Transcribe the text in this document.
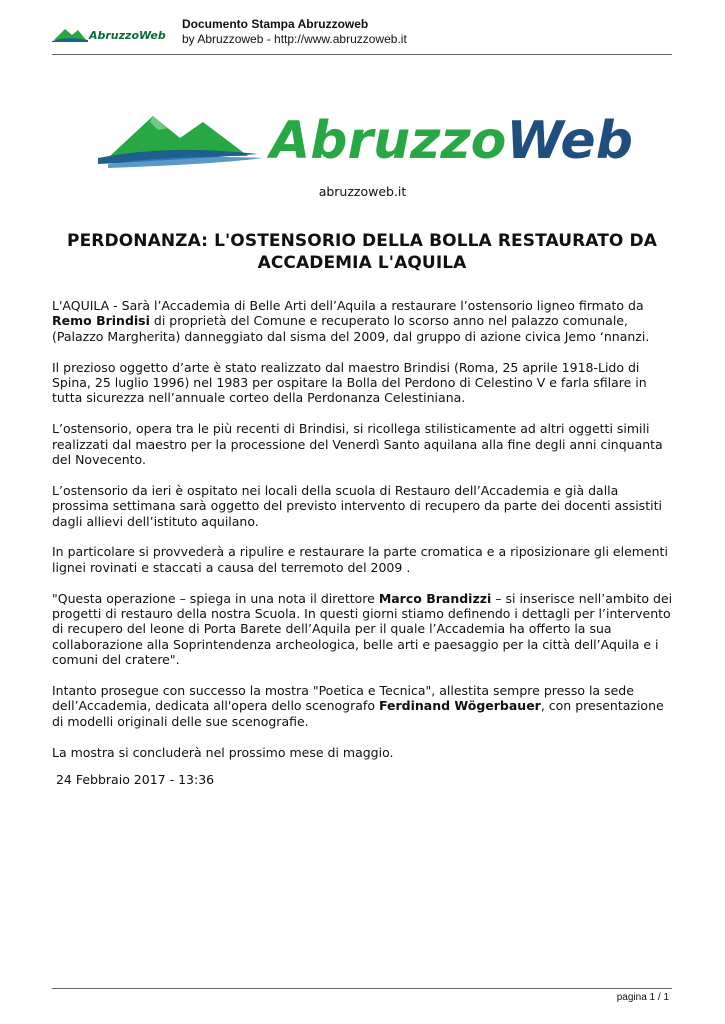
AbruzzoWeb
Documento Stampa Abruzzoweb
by Abruzzoweb - http://www.abruzzoweb.it
AbruzzoWeb
abruzzoweb.it
PERDONANZA: L'OSTENSORIO DELLA BOLLA RESTAURATO DA ACCADEMIA L'AQUILA

L'AQUILA - Sarà l’Accademia di Belle Arti dell’Aquila a restaurare l’ostensorio ligneo firmato da Remo Brindisi di proprietà del Comune e recuperato lo scorso anno nel palazzo comunale, (Palazzo Margherita) danneggiato dal sisma del 2009, dal gruppo di azione civica Jemo ‘nnanzi.

Il prezioso oggetto d’arte è stato realizzato dal maestro Brindisi (Roma, 25 aprile 1918-Lido di Spina, 25 luglio 1996) nel 1983 per ospitare la Bolla del Perdono di Celestino V e farla sfilare in tutta sicurezza nell’annuale corteo della Perdonanza Celestiniana.

L’ostensorio, opera tra le più recenti di Brindisi, si ricollega stilisticamente ad altri oggetti simili realizzati dal maestro per la processione del Venerdì Santo aquilana alla fine degli anni cinquanta del Novecento.

L’ostensorio da ieri è ospitato nei locali della scuola di Restauro dell’Accademia e già dalla prossima settimana sarà oggetto del previsto intervento di recupero da parte dei docenti assistiti dagli allievi dell’istituto aquilano.

In particolare si provvederà a ripulire e restaurare la parte cromatica e a riposizionare gli elementi lignei rovinati e staccati a causa del terremoto del 2009 .

"Questa operazione – spiega in una nota il direttore Marco Brandizzi – si inserisce nell’ambito dei progetti di restauro della nostra Scuola. In questi giorni stiamo definendo i dettagli per l’intervento di recupero del leone di Porta Barete dell’Aquila per il quale l’Accademia ha offerto la sua collaborazione alla Soprintendenza archeologica, belle arti e paesaggio per la città dell’Aquila e i comuni del cratere".

Intanto prosegue con successo la mostra "Poetica e Tecnica", allestita sempre presso la sede dell’Accademia, dedicata all'opera dello scenografo Ferdinand Wögerbauer, con presentazione di modelli originali delle sue scenografie.

La mostra si concluderà nel prossimo mese di maggio.

24 Febbraio 2017 - 13:36
pagina 1 / 1
